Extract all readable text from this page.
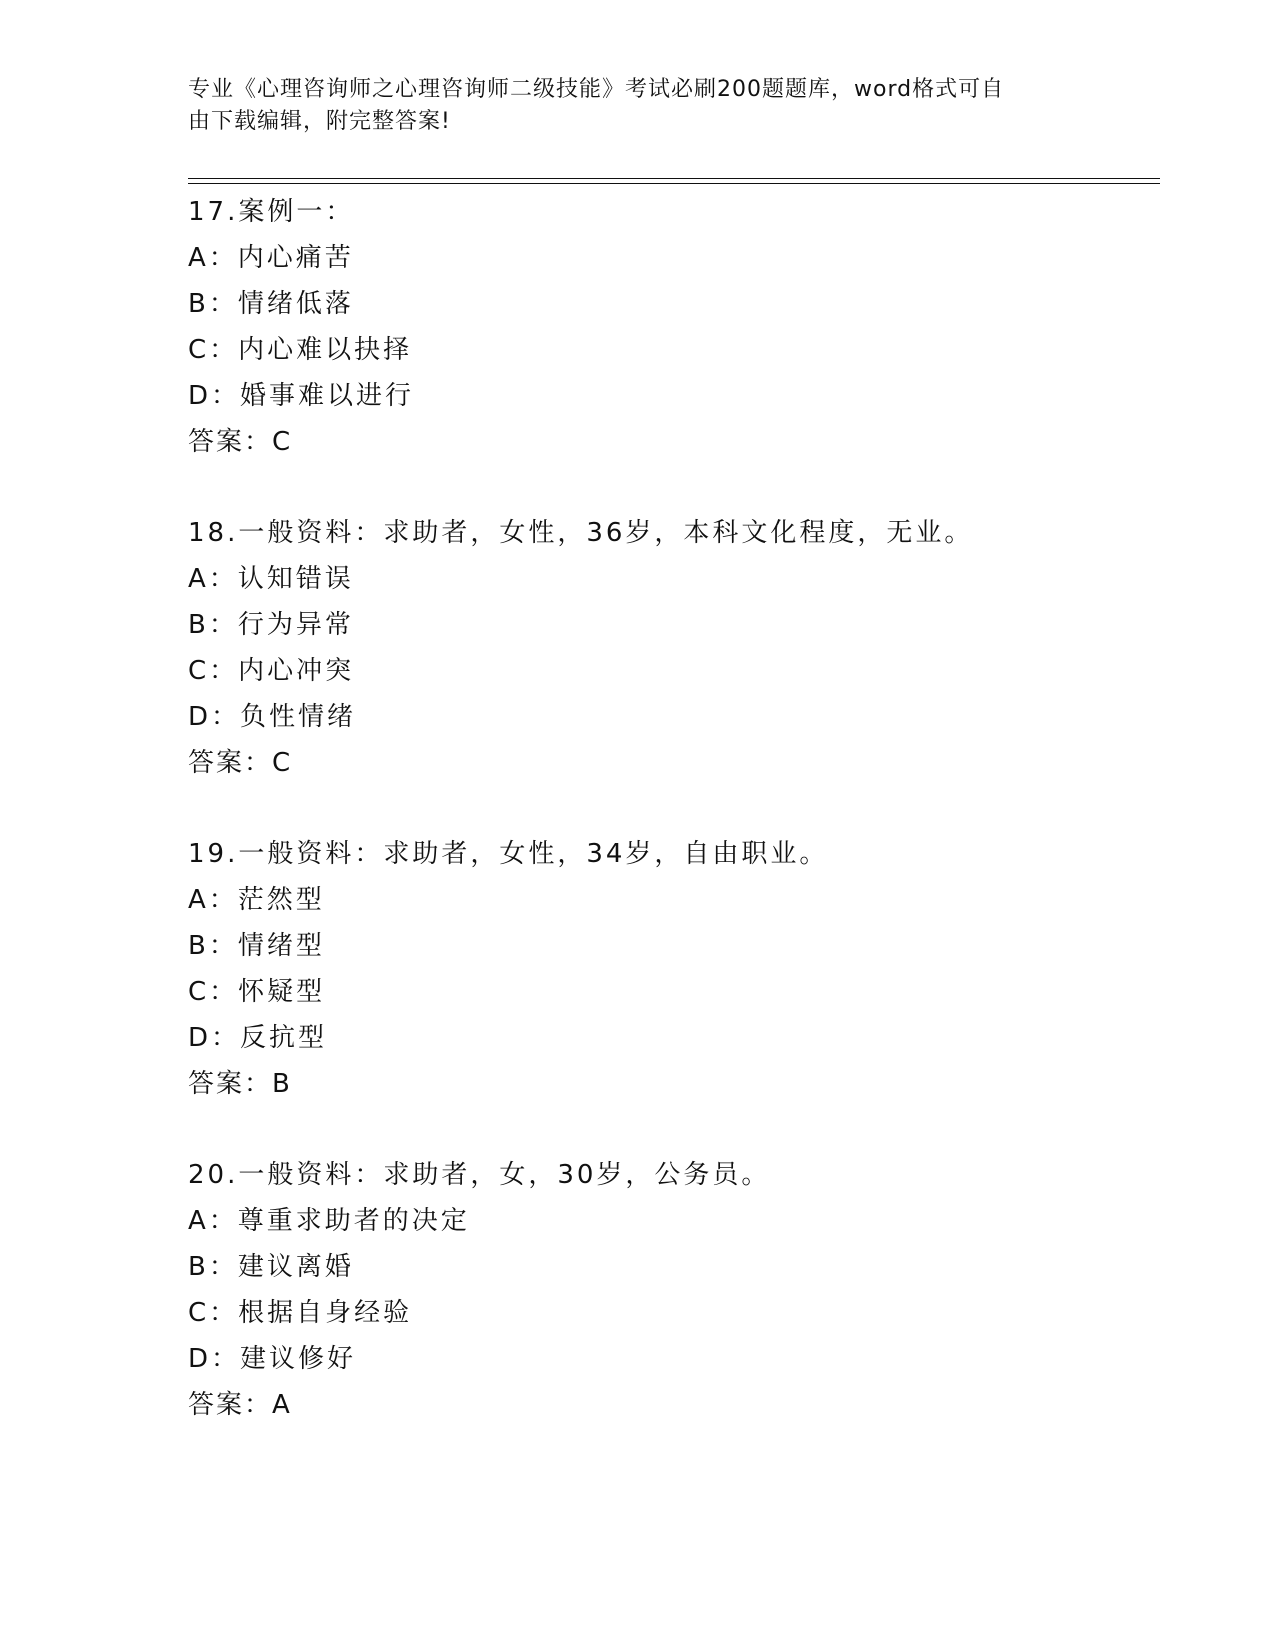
专业《心理咨询师之心理咨询师二级技能》考试必刷200题题库，word格式可自
由下载编辑，附完整答案!
17.案例一：
A：内心痛苦
B：情绪低落
C：内心难以抉择
D：婚事难以进行
答案：C
18.一般资料：求助者，女性，36岁，本科文化程度，无业。
A：认知错误
B：行为异常
C：内心冲突
D：负性情绪
答案：C
19.一般资料：求助者，女性，34岁，自由职业。
A：茫然型
B：情绪型
C：怀疑型
D：反抗型
答案：B
20.一般资料：求助者，女，30岁，公务员。
A：尊重求助者的决定
B：建议离婚
C：根据自身经验
D：建议修好
答案：A
